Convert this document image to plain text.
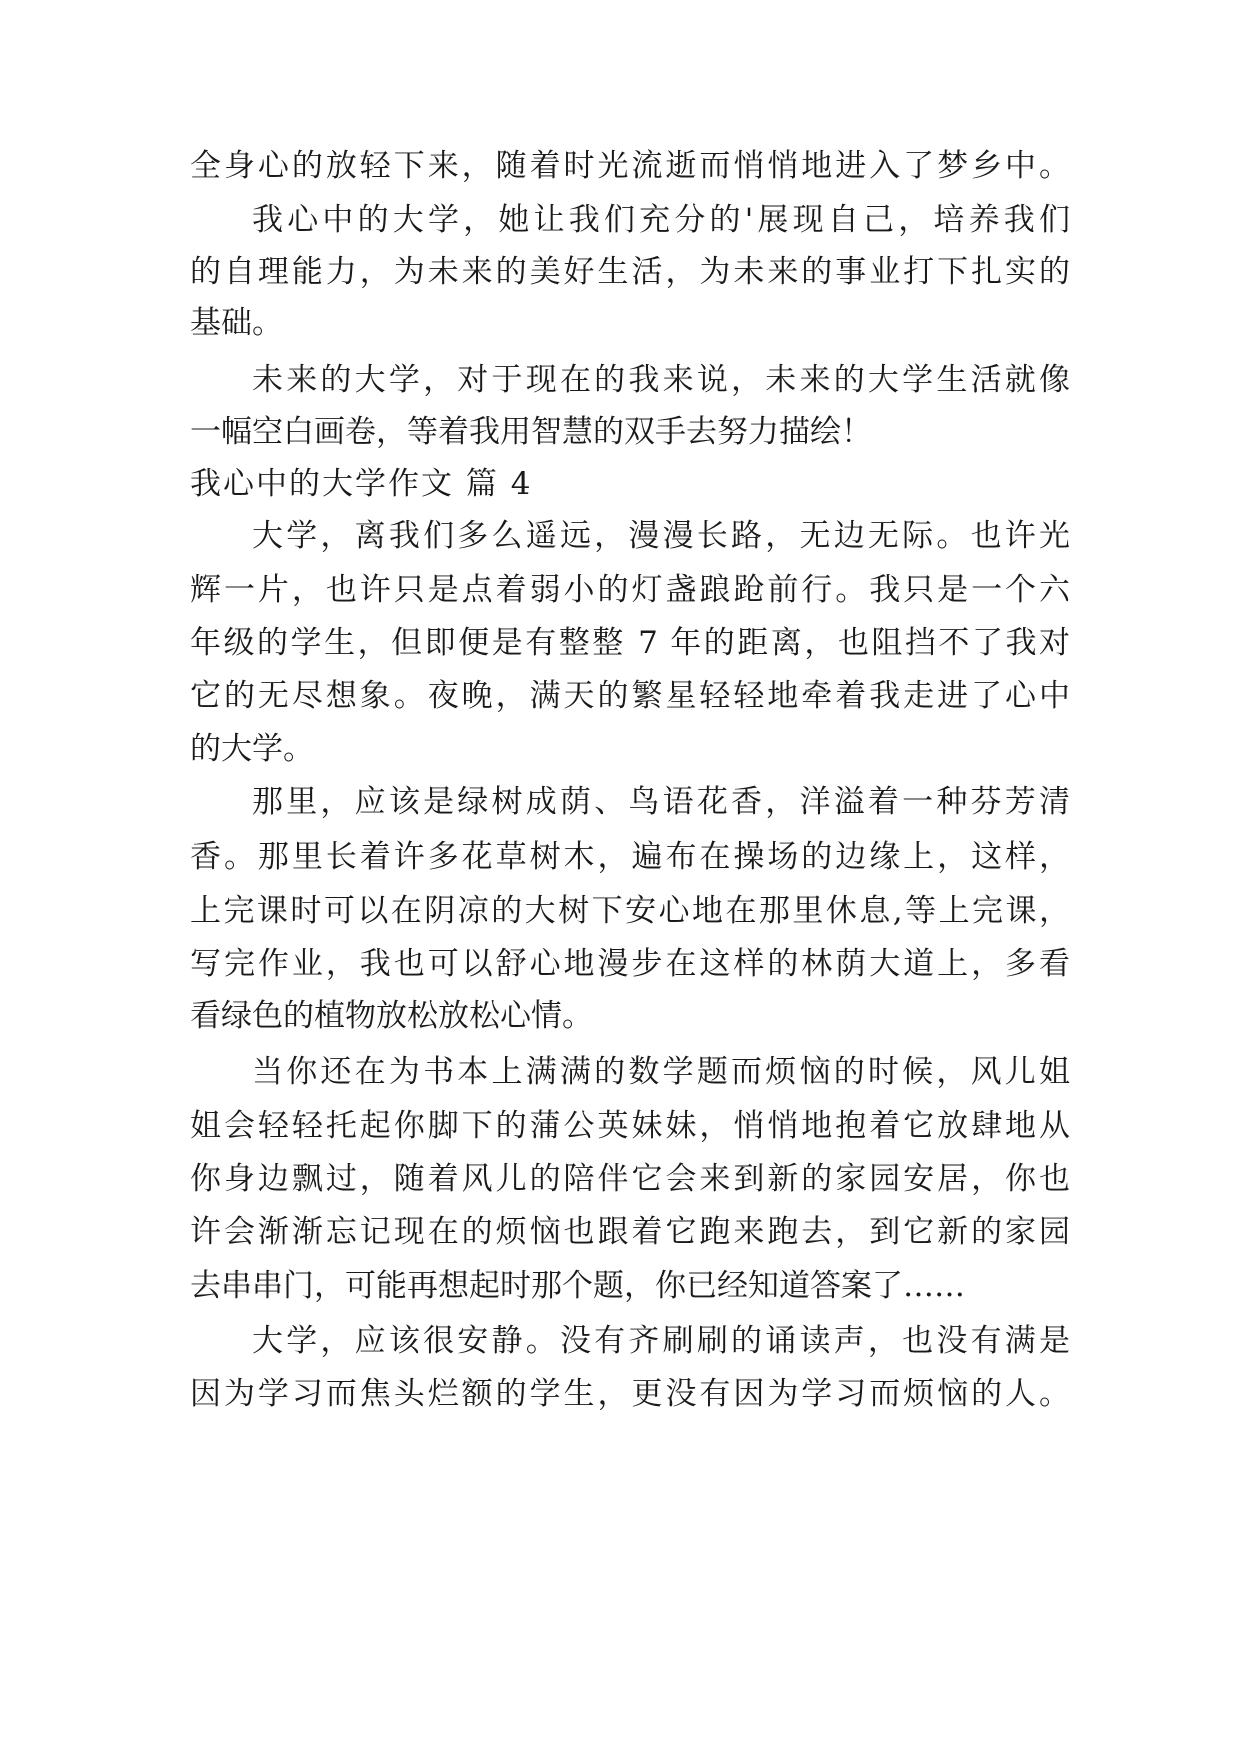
全身心的放轻下来，随着时光流逝而悄悄地进入了梦乡中。
我心中的大学，她让我们充分的'展现自己，培养我们
的自理能力，为未来的美好生活，为未来的事业打下扎实的
基础。
未来的大学，对于现在的我来说，未来的大学生活就像
一幅空白画卷，等着我用智慧的双手去努力描绘！
我心中的大学作文 篇 4
大学，离我们多么遥远，漫漫长路，无边无际。也许光
辉一片，也许只是点着弱小的灯盏踉跄前行。我只是一个六
年级的学生，但即便是有整整 7 年的距离，也阻挡不了我对
它的无尽想象。夜晚，满天的繁星轻轻地牵着我走进了心中
的大学。
那里，应该是绿树成荫、鸟语花香，洋溢着一种芬芳清
香。那里长着许多花草树木，遍布在操场的边缘上，这样，
上完课时可以在阴凉的大树下安心地在那里休息,等上完课，
写完作业，我也可以舒心地漫步在这样的林荫大道上，多看
看绿色的植物放松放松心情。
当你还在为书本上满满的数学题而烦恼的时候，风儿姐
姐会轻轻托起你脚下的蒲公英妹妹，悄悄地抱着它放肆地从
你身边飘过，随着风儿的陪伴它会来到新的家园安居，你也
许会渐渐忘记现在的烦恼也跟着它跑来跑去，到它新的家园
去串串门，可能再想起时那个题，你已经知道答案了……
大学，应该很安静。没有齐刷刷的诵读声，也没有满是
因为学习而焦头烂额的学生，更没有因为学习而烦恼的人。
